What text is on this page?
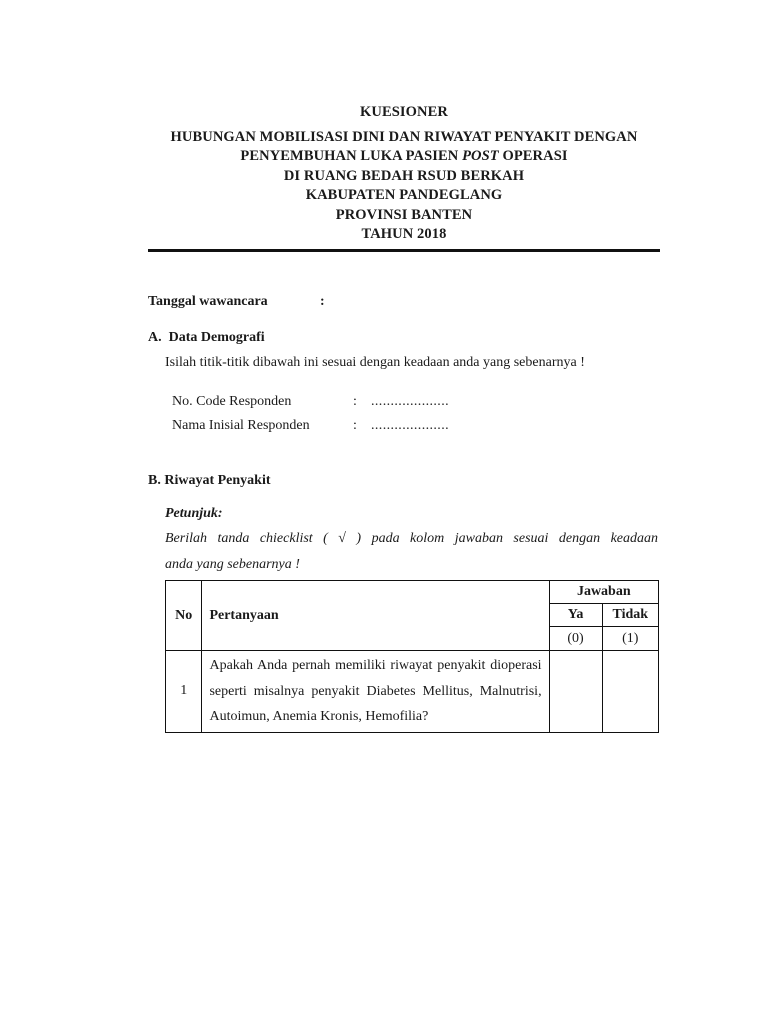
KUESIONER
HUBUNGAN MOBILISASI DINI DAN RIWAYAT PENYAKIT DENGAN
PENYEMBUHAN LUKA PASIEN POST OPERASI
DI RUANG BEDAH RSUD BERKAH
KABUPATEN PANDEGLANG
PROVINSI BANTEN
TAHUN 2018
Tanggal wawancara	:
A.  Data Demografi
Isilah titik-titik dibawah ini sesuai dengan keadaan anda yang sebenarnya !
No. Code Responden	: ....................
Nama Inisial Responden	: ....................
B. Riwayat Penyakit
Petunjuk:
Berilah tanda chiecklist ( √ ) pada kolom jawaban sesuai dengan keadaan
anda yang sebenarnya !
No	Pertanyaan	Jawaban	
		Ya	Tidak
		(0)	(1)
1	Apakah Anda pernah memiliki riwayat penyakit dioperasi seperti misalnya penyakit Diabetes Mellitus, Malnutrisi, Autoimun, Anemia Kronis, Hemofilia?		
